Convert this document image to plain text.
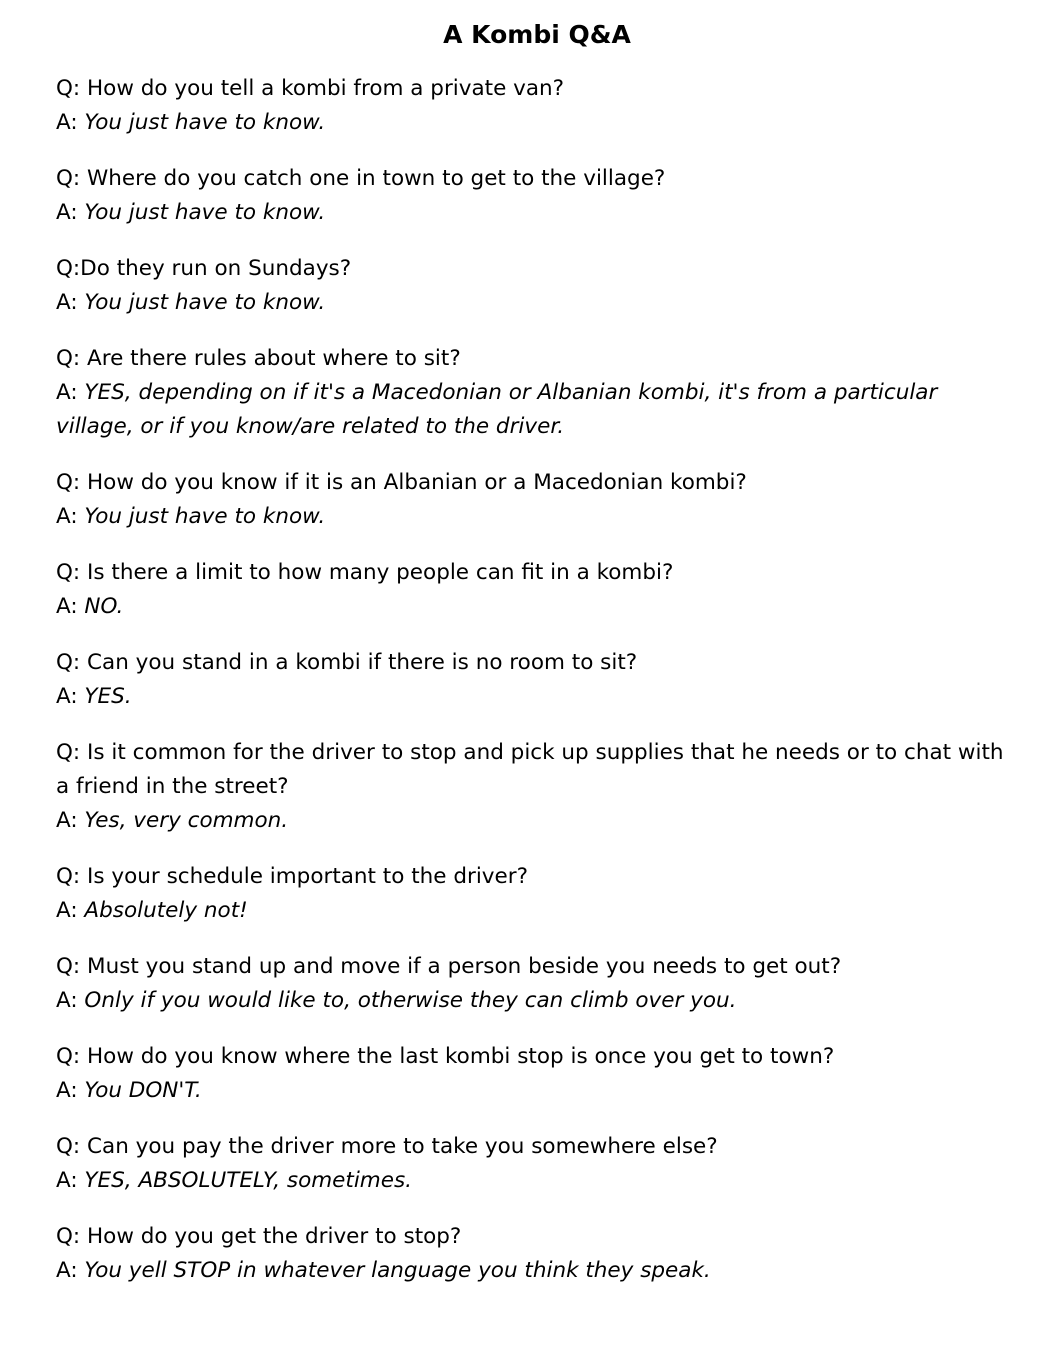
A Kombi Q&A

Q: How do you tell a kombi from a private van?

A: You just have to know.

Q: Where do you catch one in town to get to the village?

A: You just have to know.

Q:Do they run on Sundays?

A: You just have to know.

Q: Are there rules about where to sit?

A: YES, depending on if it's a Macedonian or Albanian kombi, it's from a particular village, or if you know/are related to the driver.

Q: How do you know if it is an Albanian or a Macedonian kombi?

A: You just have to know.

Q: Is there a limit to how many people can fit in a kombi?

A: NO.

Q: Can you stand in a kombi if there is no room to sit?

A: YES.

Q: Is it common for the driver to stop and pick up supplies that he needs or to chat with a friend in the street?

A: Yes, very common.

Q: Is your schedule important to the driver?

A: Absolutely not!

Q: Must you stand up and move if a person beside you needs to get out?

A: Only if you would like to, otherwise they can climb over you.

Q: How do you know where the last kombi stop is once you get to town?

A: You DON'T.

Q: Can you pay the driver more to take you somewhere else?

A: YES, ABSOLUTELY, sometimes.

Q: How do you get the driver to stop?

A: You yell STOP in whatever language you think they speak.
